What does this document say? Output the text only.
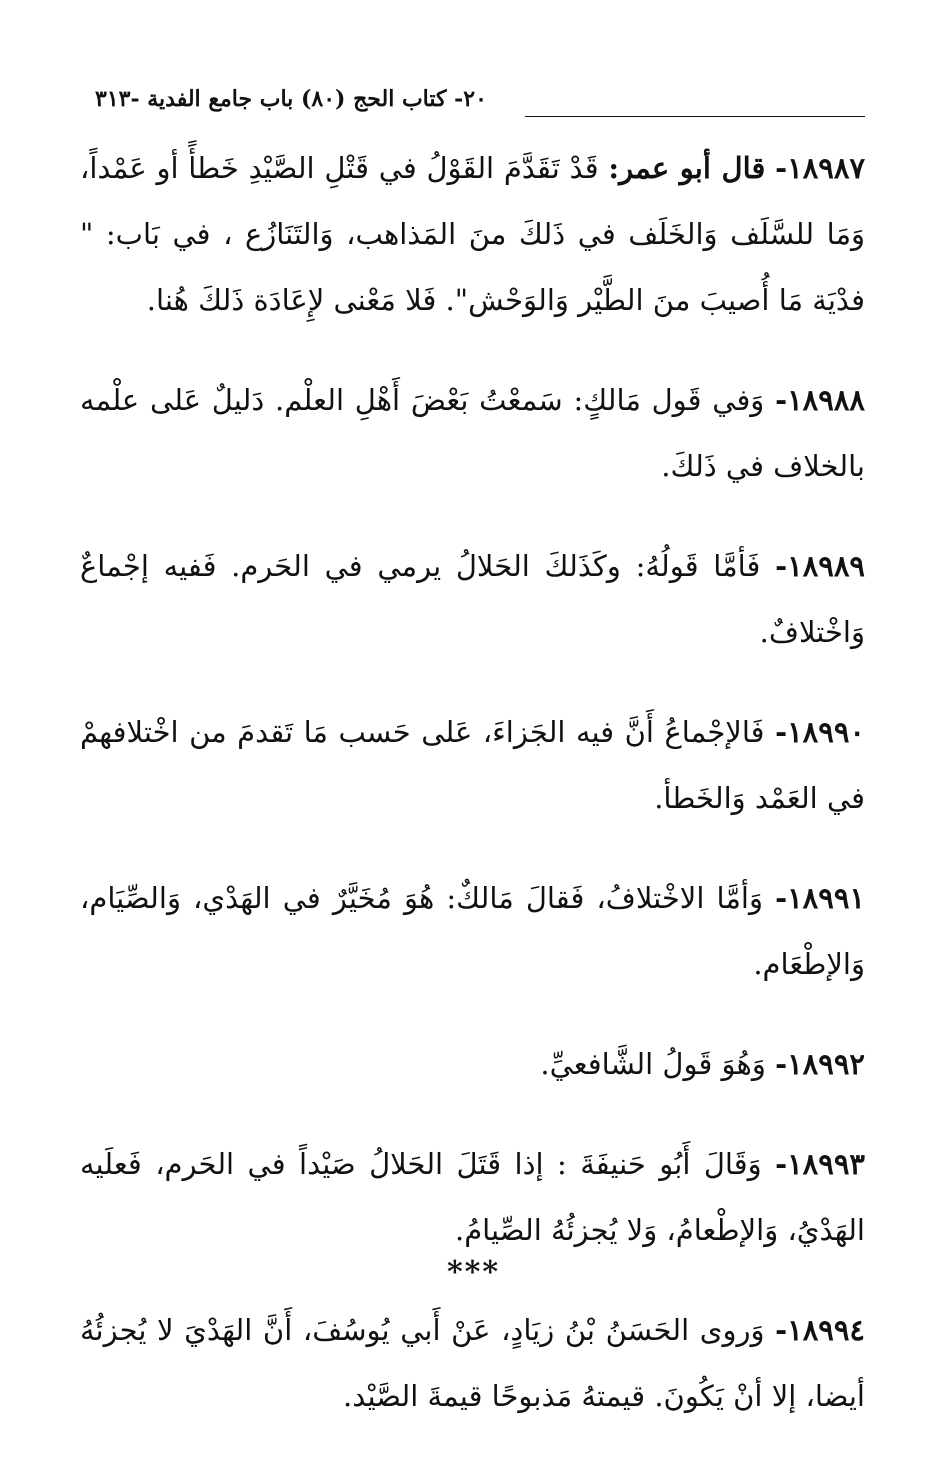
٢٠- كتاب الحج (٨٠) باب جامع الفدية -٣١٣

١٨٩٨٧- قال أبو عمر: قَدْ تَقَدَّمَ القَوْلُ في قَتْلِ الصَّيْدِ خَطأً أو عَمْداً، وَمَا للسَّلَف وَالخَلَف في ذَلكَ منَ المَذاهب، وَالتَنَازُع ، في بَاب: " فدْيَة مَا أُصيبَ منَ الطَّيْر وَالوَحْش". فَلا مَعْنى لإِعَادَة ذَلكَ هُنا.

١٨٩٨٨- وَفي قَول مَالكٍ: سَمعْتُ بَعْضَ أَهْلِ العلْم. دَليلٌ عَلى علْمه بالخلاف في ذَلكَ.

١٨٩٨٩- فَأمَّا قَولُهُ: وكَذَلكَ الحَلالُ يرمي في الحَرم. فَفيه إجْماعٌ وَاخْتلافٌ.

١٨٩٩٠- فَالإجْماعُ أَنَّ فيه الجَزاءَ، عَلى حَسب مَا تَقدمَ من اخْتلافهمْ في العَمْد وَالخَطأ.

١٨٩٩١- وَأمَّا الاخْتلافُ، فَقالَ مَالكٌ: هُوَ مُخَيَّرٌ في الهَدْي، وَالصِّيَام، وَالإطْعَام.

١٨٩٩٢- وَهُوَ قَولُ الشَّافعيِّ.

١٨٩٩٣- وَقَالَ أَبُو حَنيفَةَ : إذا قَتَلَ الحَلالُ صَيْداً في الحَرم، فَعلَيه الهَدْيُ، وَالإطْعامُ، وَلا يُجزئُهُ الصِّيامُ.

١٨٩٩٤- وَروى الحَسَنُ بْنُ زيَادٍ، عَنْ أَبي يُوسُفَ، أَنَّ الهَدْيَ لا يُجزئُهُ أيضا، إلا أنْ يَكُونَ. قيمتهُ مَذبوحًا قيمةَ الصَّيْد.

***
